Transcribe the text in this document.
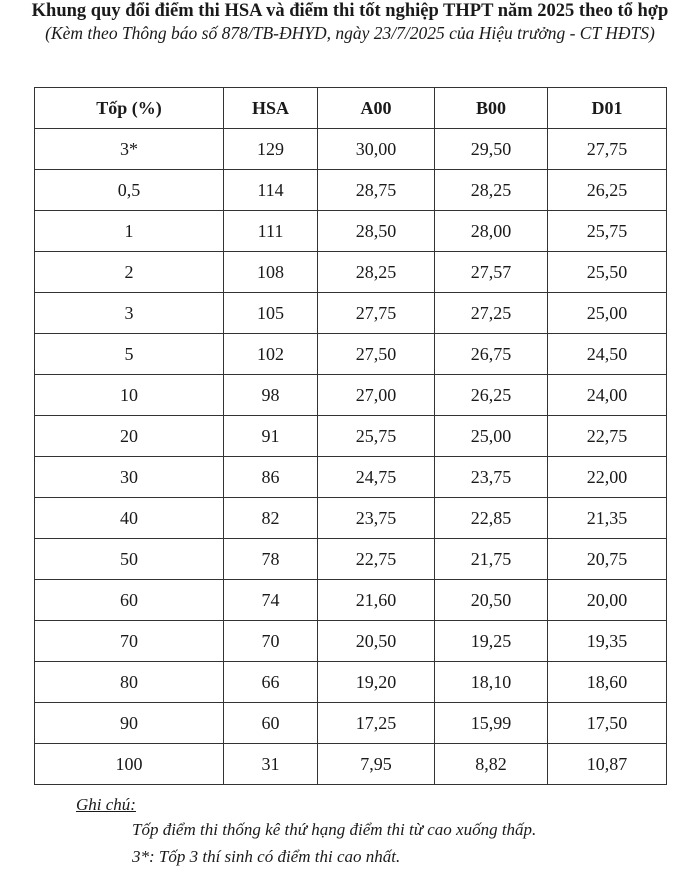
Khung quy đổi điểm thi HSA và điểm thi tốt nghiệp THPT năm 2025 theo tổ hợp
(Kèm theo Thông báo số 878/TB-ĐHYD, ngày 23/7/2025 của Hiệu trưởng - CT HĐTS)
Tốp (%)	HSA	A00	B00	D01
3*	129	30,00	29,50	27,75
0,5	114	28,75	28,25	26,25
1	111	28,50	28,00	25,75
2	108	28,25	27,57	25,50
3	105	27,75	27,25	25,00
5	102	27,50	26,75	24,50
10	98	27,00	26,25	24,00
20	91	25,75	25,00	22,75
30	86	24,75	23,75	22,00
40	82	23,75	22,85	21,35
50	78	22,75	21,75	20,75
60	74	21,60	20,50	20,00
70	70	20,50	19,25	19,35
80	66	19,20	18,10	18,60
90	60	17,25	15,99	17,50
100	31	7,95	8,82	10,87
Ghi chú:
Tốp điểm thi thống kê thứ hạng điểm thi từ cao xuống thấp.
3*: Tốp 3 thí sinh có điểm thi cao nhất.
